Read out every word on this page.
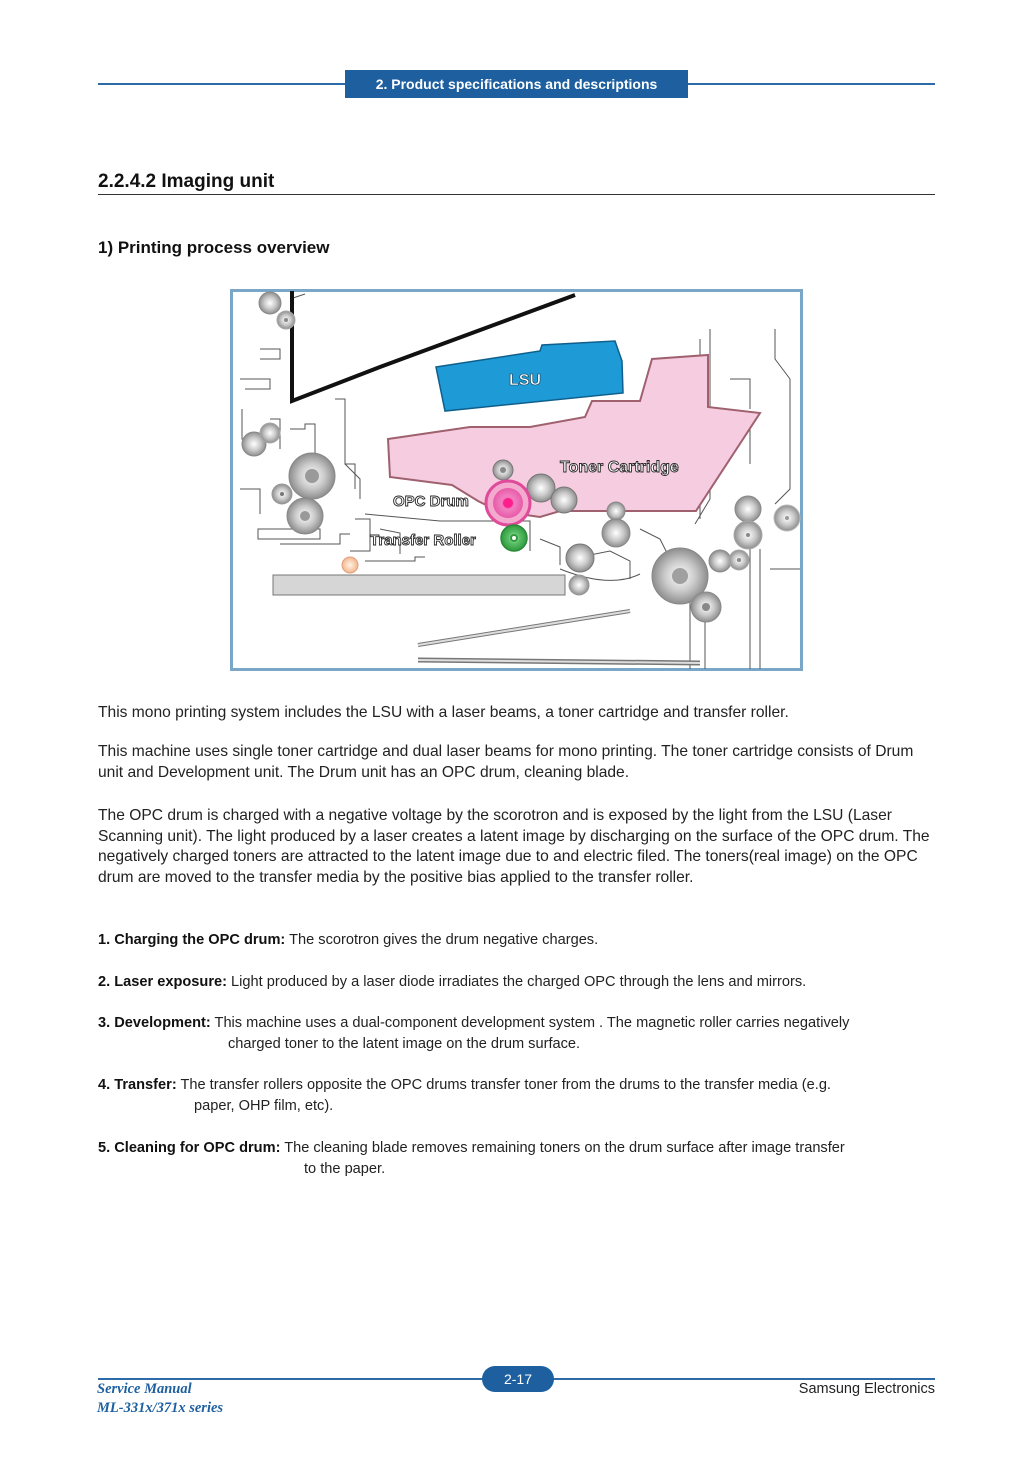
2. Product specifications and descriptions
2.2.4.2 Imaging unit
1) Printing process overview
LSU
Toner Cartridge
OPC Drum
Transfer Roller

This mono printing system includes the LSU with a laser beams, a toner cartridge and transfer roller.

This machine uses single toner cartridge and dual laser beams for mono printing. The toner cartridge consists of Drum unit and Development unit. The Drum unit has an OPC drum, cleaning blade.

The OPC drum is charged with a negative voltage by the scorotron and is exposed by the light from the LSU (Laser Scanning unit). The light produced by a laser creates a latent image by discharging on the surface of the OPC drum. The negatively charged toners are attracted to the latent image due to and electric filed. The toners(real image) on the OPC drum are moved to the transfer media by the positive bias applied to the transfer roller.

1. Charging the OPC drum: The scorotron gives the drum negative charges.
2. Laser exposure: Light produced by a laser diode irradiates the charged OPC through the lens and mirrors.
3. Development: This machine uses a dual-component development system . The magnetic roller carries negatively
charged toner to the latent image on the drum surface.
4. Transfer: The transfer rollers opposite the OPC drums transfer toner from the drums to the transfer media (e.g.
paper, OHP film, etc).
5. Cleaning for OPC drum: The cleaning blade removes remaining toners on the drum surface after image transfer
to the paper.
2-17
Service Manual
ML-331x/371x series
Samsung Electronics
